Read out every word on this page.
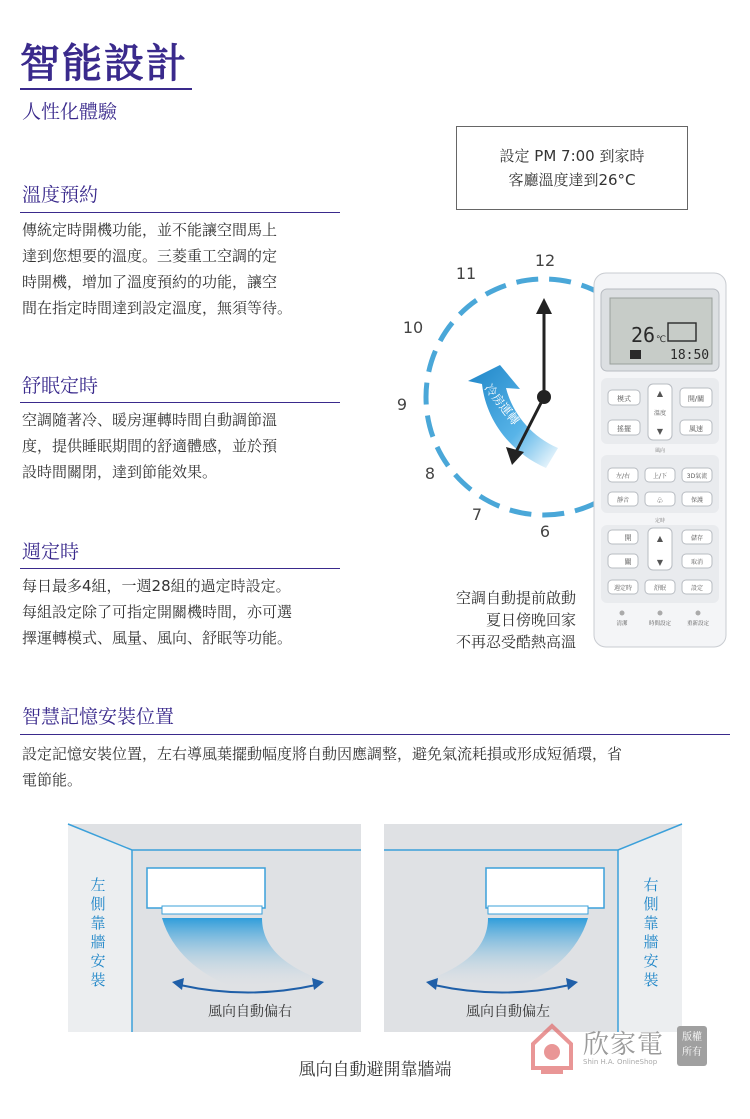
智能設計
人性化體驗
溫度預約
傳統定時開機功能，並不能讓空間馬上
達到您想要的溫度。三菱重工空調的定
時開機，增加了溫度預約的功能，讓空
間在指定時間達到設定溫度，無須等待。
舒眠定時
空調隨著冷、暖房運轉時間自動調節溫
度，提供睡眠期間的舒適體感，並於預
設時間關閉，達到節能效果。
週定時
每日最多4組，一週28組的過定時設定。
每組設定除了可指定開關機時間，亦可選
擇運轉模式、風量、風向、舒眠等功能。
智慧記憶安裝位置
設定記憶安裝位置，左右導風葉擺動幅度將自動因應調整，避免氣流耗損或形成短循環，省
電節能。
設定 PM 7:00 到家時
客廳溫度達到26°C
冷房運轉
12
11
10
9
8
7
6
空調自動提前啟動
夏日傍晚回家
不再忍受酷熱高溫
26 ℃
18:50
模式
搖擺
▲
溫度
▼
開/關
風速
風向
左/右	上/下	3D氣流
靜音	♧	保護
定時
開	▲
▼
儲存
關	取消
週定時	舒眠	設定
清潔	時間設定	重新設定
左側靠牆安裝
右側靠牆安裝
風向自動偏右	風向自動偏左
風向自動避開靠牆端
欣家電
Shin H.A. OnlineShop
版權
所有
